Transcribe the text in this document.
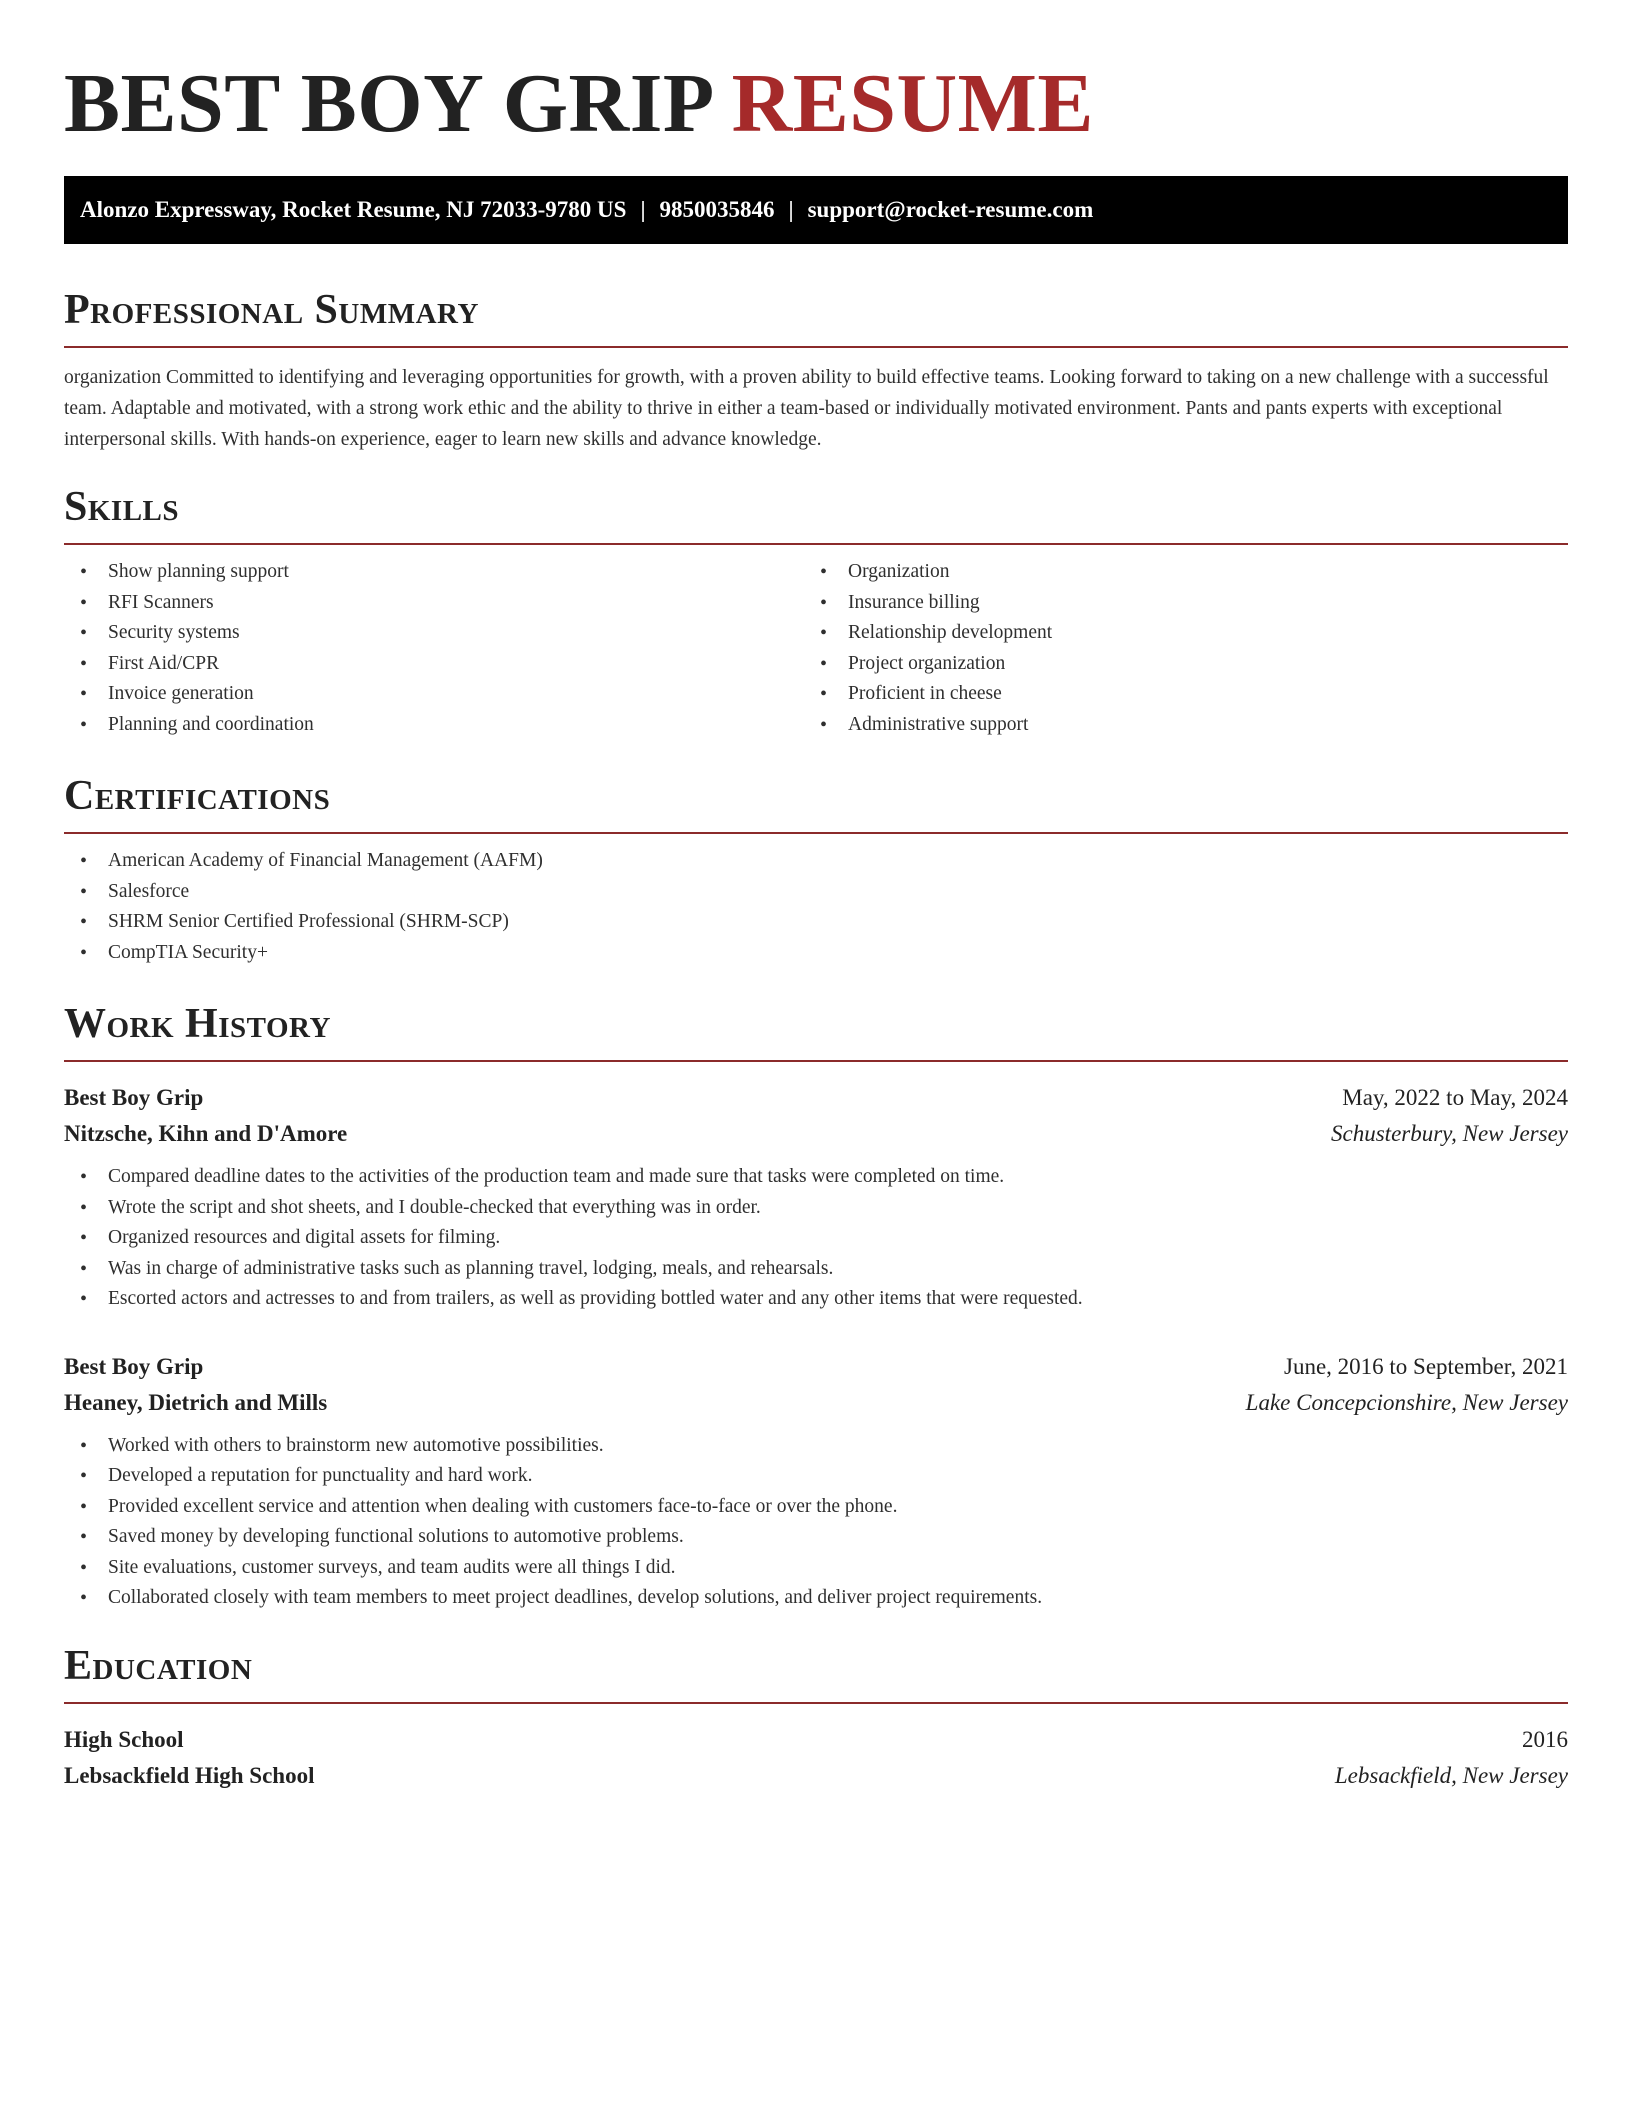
BEST BOY GRIP RESUME
Alonzo Expressway, Rocket Resume, NJ 72033-9780 US | 9850035846 | support@rocket-resume.com
Professional Summary

organization Committed to identifying and leveraging opportunities for growth, with a proven ability to build effective teams. Looking forward to taking on a new challenge with a successful team. Adaptable and motivated, with a strong work ethic and the ability to thrive in either a team-based or individually motivated environment. Pants and pants experts with exceptional interpersonal skills. With hands-on experience, eager to learn new skills and advance knowledge.

Skills
• Show planning support
• RFI Scanners
• Security systems
• First Aid/CPR
• Invoice generation
• Planning and coordination
• Organization
• Insurance billing
• Relationship development
• Project organization
• Proficient in cheese
• Administrative support
Certifications
• American Academy of Financial Management (AAFM)
• Salesforce
• SHRM Senior Certified Professional (SHRM-SCP)
• CompTIA Security+
Work History
Best Boy Grip	May, 2022 to May, 2024
Nitzsche, Kihn and D'Amore	Schusterbury, New Jersey
• Compared deadline dates to the activities of the production team and made sure that tasks were completed on time.
• Wrote the script and shot sheets, and I double-checked that everything was in order.
• Organized resources and digital assets for filming.
• Was in charge of administrative tasks such as planning travel, lodging, meals, and rehearsals.
• Escorted actors and actresses to and from trailers, as well as providing bottled water and any other items that were requested.
Best Boy Grip	June, 2016 to September, 2021
Heaney, Dietrich and Mills	Lake Concepcionshire, New Jersey
• Worked with others to brainstorm new automotive possibilities.
• Developed a reputation for punctuality and hard work.
• Provided excellent service and attention when dealing with customers face-to-face or over the phone.
• Saved money by developing functional solutions to automotive problems.
• Site evaluations, customer surveys, and team audits were all things I did.
• Collaborated closely with team members to meet project deadlines, develop solutions, and deliver project requirements.
Education
High School	2016
Lebsackfield High School	Lebsackfield, New Jersey
